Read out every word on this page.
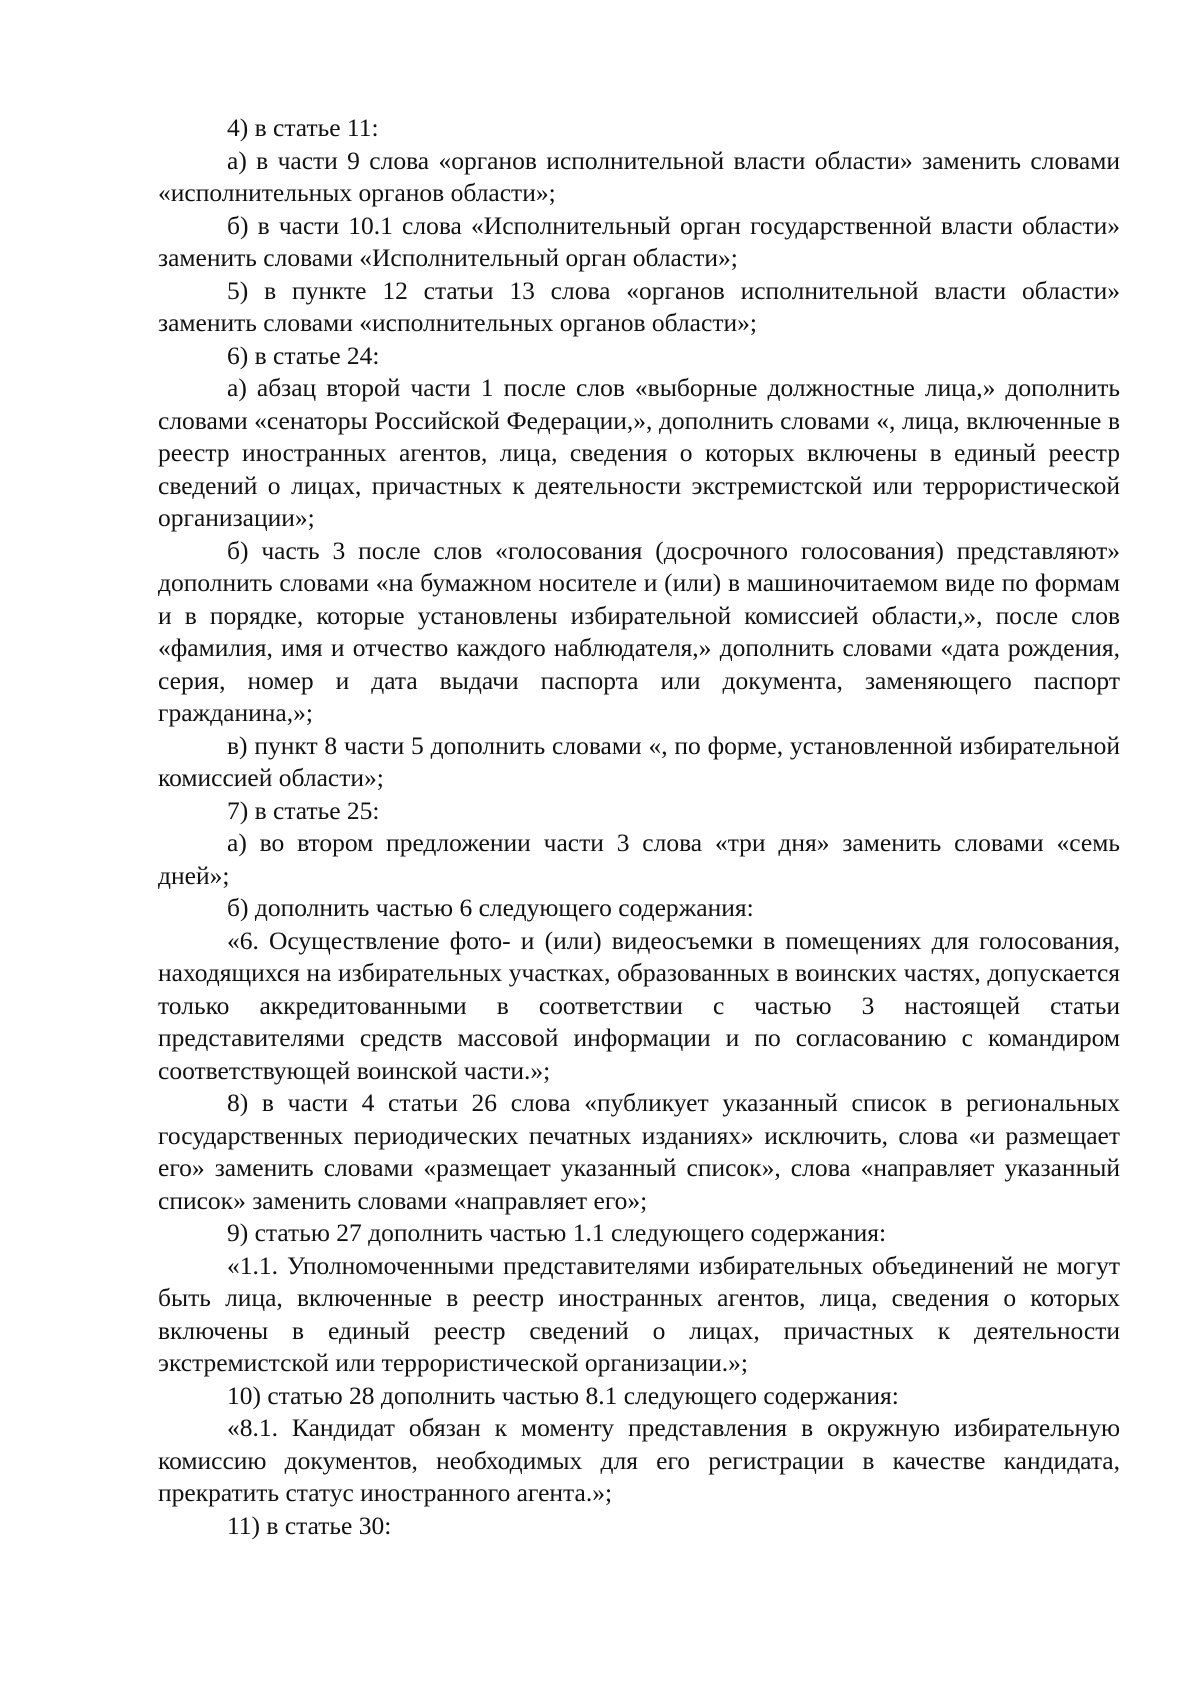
4) в статье 11:

а) в части 9 слова «органов исполнительной власти области» заменить словами «исполнительных органов области»;

б) в части 10.1 слова «Исполнительный орган государственной власти области» заменить словами «Исполнительный орган области»;

5) в пункте 12 статьи 13 слова «органов исполнительной власти области» заменить словами «исполнительных органов области»;

6) в статье 24:

а) абзац второй части 1 после слов «выборные должностные лица,» дополнить словами «сенаторы Российской Федерации,», дополнить словами «, лица, включенные в реестр иностранных агентов, лица, сведения о которых включены в единый реестр сведений о лицах, причастных к деятельности экстремистской или террористической организации»;

б) часть 3 после слов «голосования (досрочного голосования) представляют» дополнить словами «на бумажном носителе и (или) в машиночитаемом виде по формам и в порядке, которые установлены избирательной комиссией области,», после слов «фамилия, имя и отчество каждого наблюдателя,» дополнить словами «дата рождения, серия, номер и дата выдачи паспорта или документа, заменяющего паспорт гражданина,»;

в) пункт 8 части 5 дополнить словами «, по форме, установленной избирательной комиссией области»;

7) в статье 25:

а) во втором предложении части 3 слова «три дня» заменить словами «семь дней»;

б) дополнить частью 6 следующего содержания:

«6. Осуществление фото- и (или) видеосъемки в помещениях для голосования, находящихся на избирательных участках, образованных в воинских частях, допускается только аккредитованными в соответствии с частью 3 настоящей статьи представителями средств массовой информации и по согласованию с командиром соответствующей воинской части.»;

8) в части 4 статьи 26 слова «публикует указанный список в региональных государственных периодических печатных изданиях» исключить, слова «и размещает его» заменить словами «размещает указанный список», слова «направляет указанный список» заменить словами «направляет его»;

9) статью 27 дополнить частью 1.1 следующего содержания:

«1.1. Уполномоченными представителями избирательных объединений не могут быть лица, включенные в реестр иностранных агентов, лица, сведения о которых включены в единый реестр сведений о лицах, причастных к деятельности экстремистской или террористической организации.»;

10) статью 28 дополнить частью 8.1 следующего содержания:

«8.1. Кандидат обязан к моменту представления в окружную избирательную комиссию документов, необходимых для его регистрации в качестве кандидата, прекратить статус иностранного агента.»;

11) в статье 30:
